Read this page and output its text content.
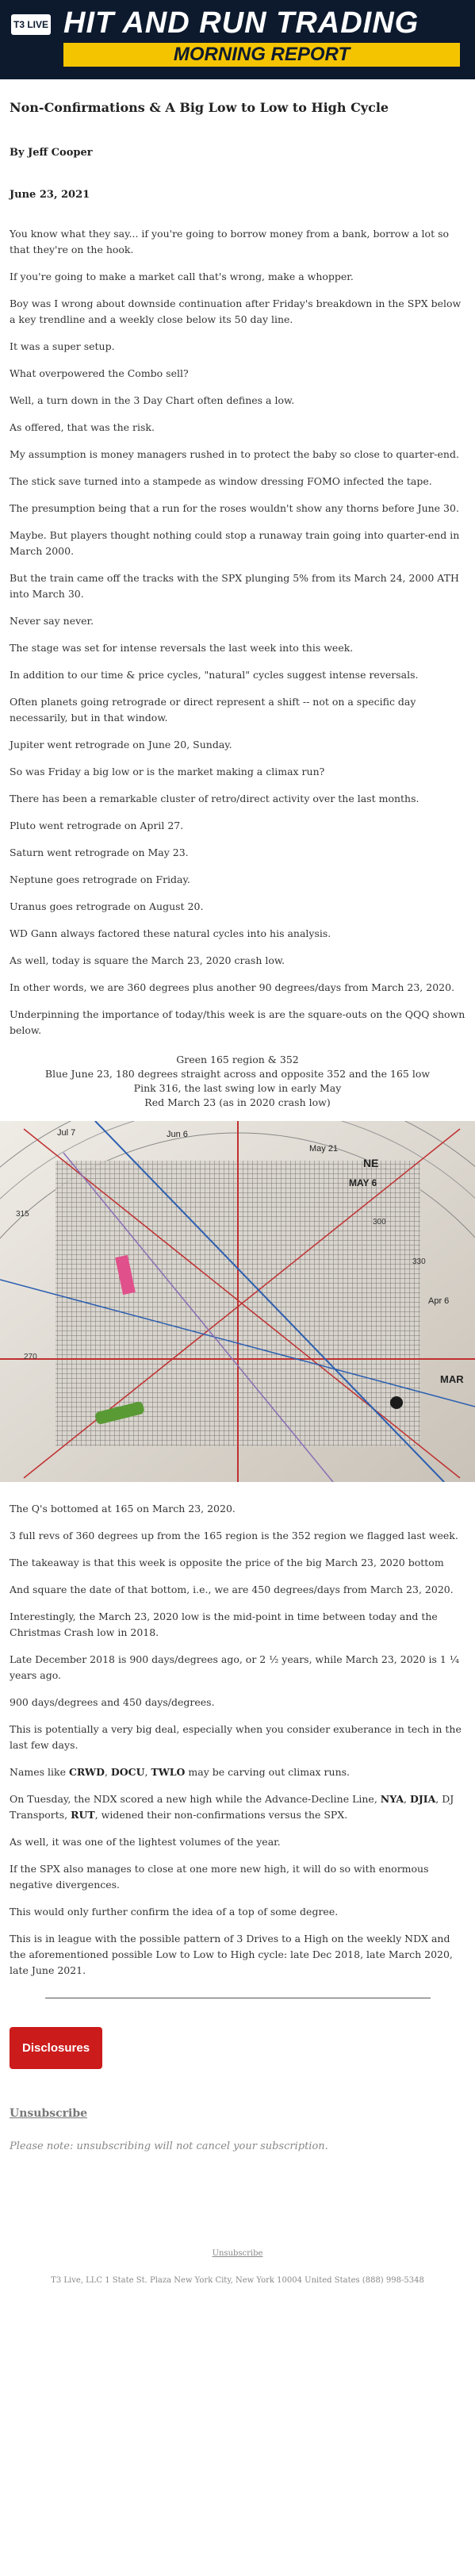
T3 LIVE HIT AND RUN TRADING
MORNING REPORT
Non-Confirmations & A Big Low to Low to High Cycle
By Jeff Cooper
June 23, 2021

You know what they say... if you're going to borrow money from a bank, borrow a lot so that they're on the hook.

If you're going to make a market call that's wrong, make a whopper.

Boy was I wrong about downside continuation after Friday's breakdown in the SPX below a key trendline and a weekly close below its 50 day line.

It was a super setup.

What overpowered the Combo sell?

Well, a turn down in the 3 Day Chart often defines a low.

As offered, that was the risk.

My assumption is money managers rushed in to protect the baby so close to quarter-end.

The stick save turned into a stampede as window dressing FOMO infected the tape.

The presumption being that a run for the roses wouldn't show any thorns before June 30.

Maybe. But players thought nothing could stop a runaway train going into quarter-end in March 2000.

But the train came off the tracks with the SPX plunging 5% from its March 24, 2000 ATH into March 30.

Never say never.

The stage was set for intense reversals the last week into this week.

In addition to our time & price cycles, "natural" cycles suggest intense reversals.

Often planets going retrograde or direct represent a shift -- not on a specific day necessarily, but in that window.

Jupiter went retrograde on June 20, Sunday.

So was Friday a big low or is the market making a climax run?

There has been a remarkable cluster of retro/direct activity over the last months.

Pluto went retrograde on April 27.

Saturn went retrograde on May 23.

Neptune goes retrograde on Friday.

Uranus goes retrograde on August 20.

WD Gann always factored these natural cycles into his analysis.

As well, today is square the March 23, 2020 crash low.

In other words, we are 360 degrees plus another 90 degrees/days from March 23, 2020.

Underpinning the importance of today/this week is are the square-outs on the QQQ shown below.

Green 165 region & 352
Blue June 23, 180 degrees straight across and opposite 352 and the 165 low
Pink 316, the last swing low in early May
Red March 23 (as in 2020 crash low)
Jul 7	Jun 6
May 21
MAY 6
NE
Apr 6
MAR
315
270
300
330

The Q's bottomed at 165 on March 23, 2020.

3 full revs of 360 degrees up from the 165 region is the 352 region we flagged last week.

The takeaway is that this week is opposite the price of the big March 23, 2020 bottom

And square the date of that bottom, i.e., we are 450 degrees/days from March 23, 2020.

Interestingly, the March 23, 2020 low is the mid-point in time between today and the Christmas Crash low in 2018.

Late December 2018 is 900 days/degrees ago, or 2 ½ years, while March 23, 2020 is 1 ¼ years ago.

900 days/degrees and 450 days/degrees.

This is potentially a very big deal, especially when you consider exuberance in tech in the last few days.

Names like CRWD, DOCU, TWLO may be carving out climax runs.

On Tuesday, the NDX scored a new high while the Advance-Decline Line, NYA, DJIA, DJ Transports, RUT, widened their non-confirmations versus the SPX.

As well, it was one of the lightest volumes of the year.

If the SPX also manages to close at one more new high, it will do so with enormous negative divergences.

This would only further confirm the idea of a top of some degree.

This is in league with the possible pattern of 3 Drives to a High on the weekly NDX and the aforementioned possible Low to Low to High cycle: late Dec 2018, late March 2020, late June 2021.

Disclosures
Unsubscribe
Please note: unsubscribing will not cancel your subscription.
Unsubscribe
T3 Live, LLC 1 State St. Plaza New York City, New York 10004 United States (888) 998-5348
